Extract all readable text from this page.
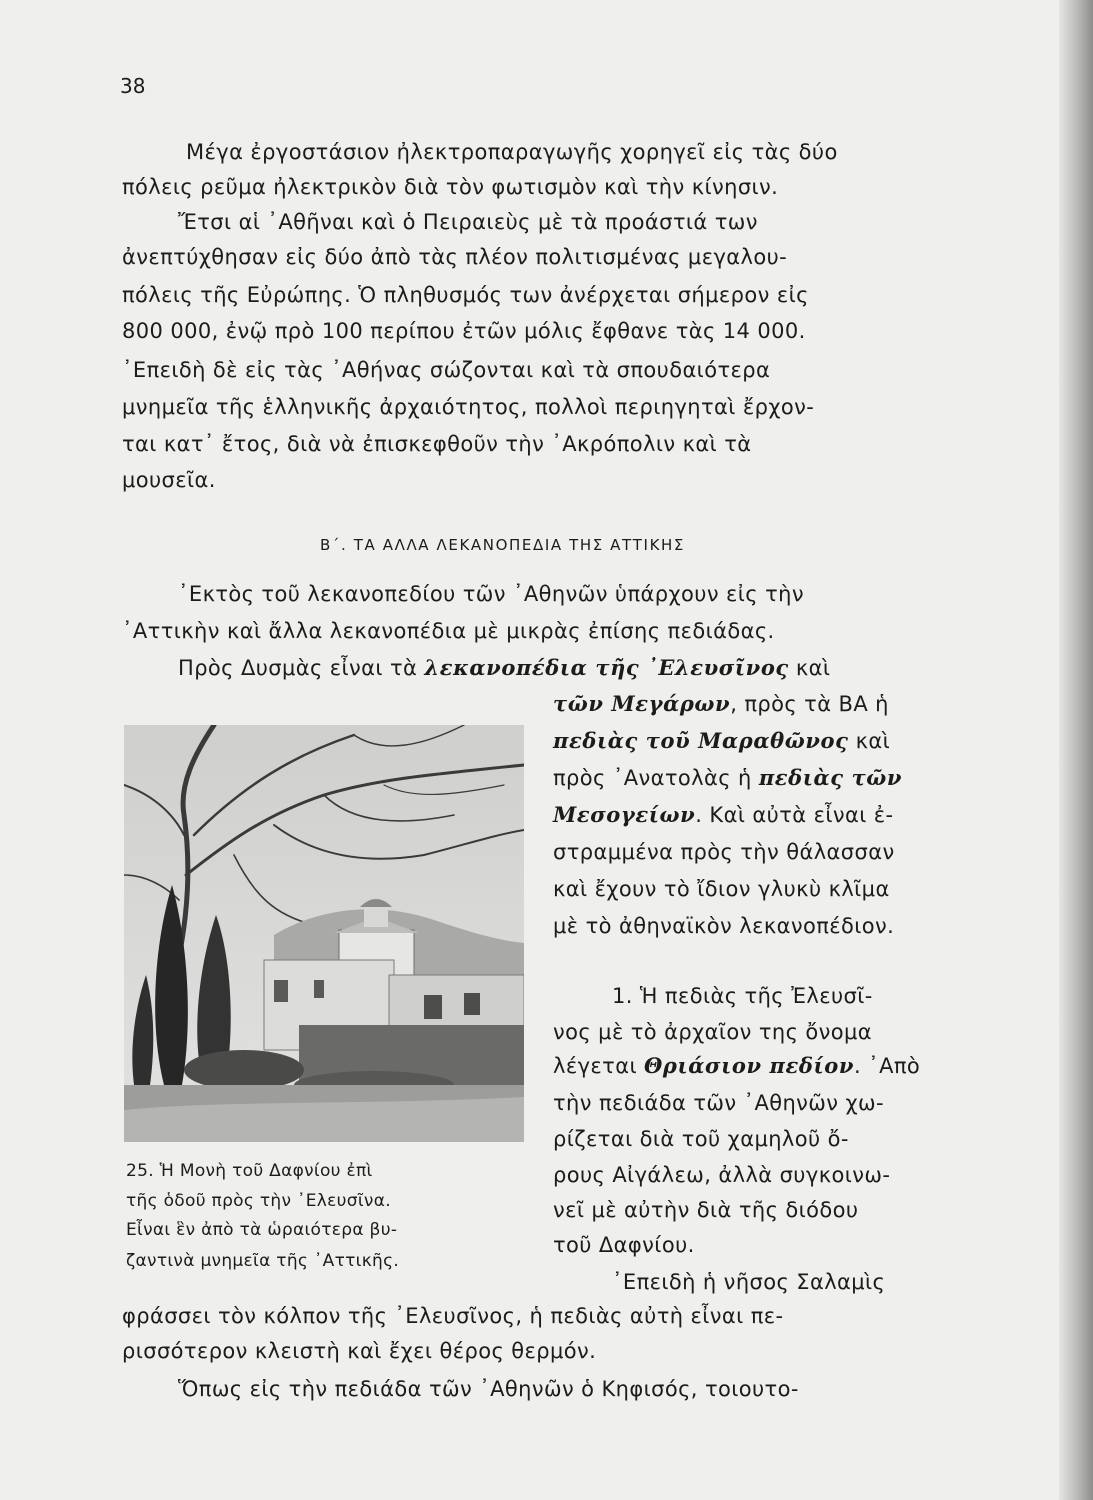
38
Μέγα ἐργοστάσιον ἠλεκτροπαραγωγῆς χορηγεῖ εἰς τὰς δύο
πόλεις ρεῦμα ἠλεκτρικὸν διὰ τὸν φωτισμὸν καὶ τὴν κίνησιν.
Ἔτσι αἱ ᾿Αθῆναι καὶ ὁ Πειραιεὺς μὲ τὰ προάστιά των
ἀνεπτύχθησαν εἰς δύο ἀπὸ τὰς πλέον πολιτισμένας μεγαλου-
πόλεις τῆς Εὐρώπης. Ὁ πληθυσμός των ἀνέρχεται σήμερον εἰς
800 000, ἐνῷ πρὸ 100 περίπου ἐτῶν μόλις ἔφθανε τὰς 14 000.
᾿Επειδὴ δὲ εἰς τὰς ᾿Αθήνας σώζονται καὶ τὰ σπουδαιότερα
μνημεῖα τῆς ἑλληνικῆς ἀρχαιότητος, πολλοὶ περιηγηταὶ ἔρχον-
ται κατ᾿ ἔτος, διὰ νὰ ἐπισκεφθοῦν τὴν ᾿Ακρόπολιν καὶ τὰ
μουσεῖα.
Β΄. ΤΑ ΑΛΛΑ ΛΕΚΑΝΟΠΕΔΙΑ ΤΗΣ ΑΤΤΙΚΗΣ
᾿Εκτὸς τοῦ λεκανοπεδίου τῶν ᾿Αθηνῶν ὑπάρχουν εἰς τὴν
᾿Αττικὴν καὶ ἄλλα λεκανοπέδια μὲ μικρὰς ἐπίσης πεδιάδας.
Πρὸς Δυσμὰς εἶναι τὰ λεκανοπέδια τῆς ᾿Ελευσῖνος καὶ
τῶν Μεγάρων, πρὸς τὰ ΒΑ ἡ
πεδιὰς τοῦ Μαραθῶνος καὶ
πρὸς ᾿Ανατολὰς ἡ πεδιὰς τῶν
Μεσογείων. Καὶ αὐτὰ εἶναι ἐ-
στραμμένα πρὸς τὴν θάλασσαν
καὶ ἔχουν τὸ ἴδιον γλυκὺ κλῖμα
μὲ τὸ ἀθηναϊκὸν λεκανοπέδιον.
1. Ἡ πεδιὰς τῆς Ἐλευσῖ-
νος μὲ τὸ ἀρχαῖον της ὄνομα
λέγεται Θριάσιον πεδίον. ᾿Απὸ
τὴν πεδιάδα τῶν ᾿Αθηνῶν χω-
ρίζεται διὰ τοῦ χαμηλοῦ ὄ-
ρους Αἰγάλεω, ἀλλὰ συγκοινω-
νεῖ μὲ αὐτὴν διὰ τῆς διόδου
τοῦ Δαφνίου.
25. Ἡ Μονὴ τοῦ Δαφνίου ἐπὶ
τῆς ὁδοῦ πρὸς τὴν ᾿Ελευσῖνα.
Εἶναι ἓν ἀπὸ τὰ ὡραιότερα βυ-
ζαντινὰ μνημεῖα τῆς ᾿Αττικῆς.
᾿Επειδὴ ἡ νῆσος Σαλαμὶς
φράσσει τὸν κόλπον τῆς ᾿Ελευσῖνος, ἡ πεδιὰς αὐτὴ εἶναι πε-
ρισσότερον κλειστὴ καὶ ἔχει θέρος θερμόν.
Ὅπως εἰς τὴν πεδιάδα τῶν ᾿Αθηνῶν ὁ Κηφισός, τοιουτο-
